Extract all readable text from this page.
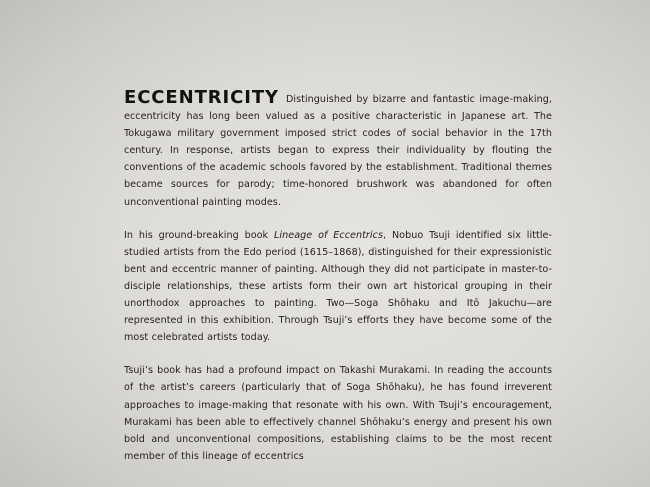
ECCENTRICITY Distinguished by bizarre and fantastic image-making, eccentricity has long been valued as a positive characteristic in Japanese art. The Tokugawa military government imposed strict codes of social behavior in the 17th century. In response, artists began to express their individuality by flouting the conventions of the academic schools favored by the establishment. Traditional themes became sources for parody; time-honored brushwork was abandoned for often unconventional painting modes.

In his ground-breaking book Lineage of Eccentrics, Nobuo Tsuji identified six little-studied artists from the Edo period (1615–1868), distinguished for their expressionistic bent and eccentric manner of painting. Although they did not participate in master-to-disciple relationships, these artists form their own art historical grouping in their unorthodox approaches to painting. Two—Soga Shōhaku and Itō Jakuchu—are represented in this exhibition. Through Tsuji’s efforts they have become some of the most celebrated artists today.

Tsuji’s book has had a profound impact on Takashi Murakami. In reading the accounts of the artist’s careers (particularly that of Soga Shōhaku), he has found irreverent approaches to image-making that resonate with his own. With Tsuji’s encouragement, Murakami has been able to effectively channel Shōhaku’s energy and present his own bold and unconventional compositions, establishing claims to be the most recent member of this lineage of eccentrics
